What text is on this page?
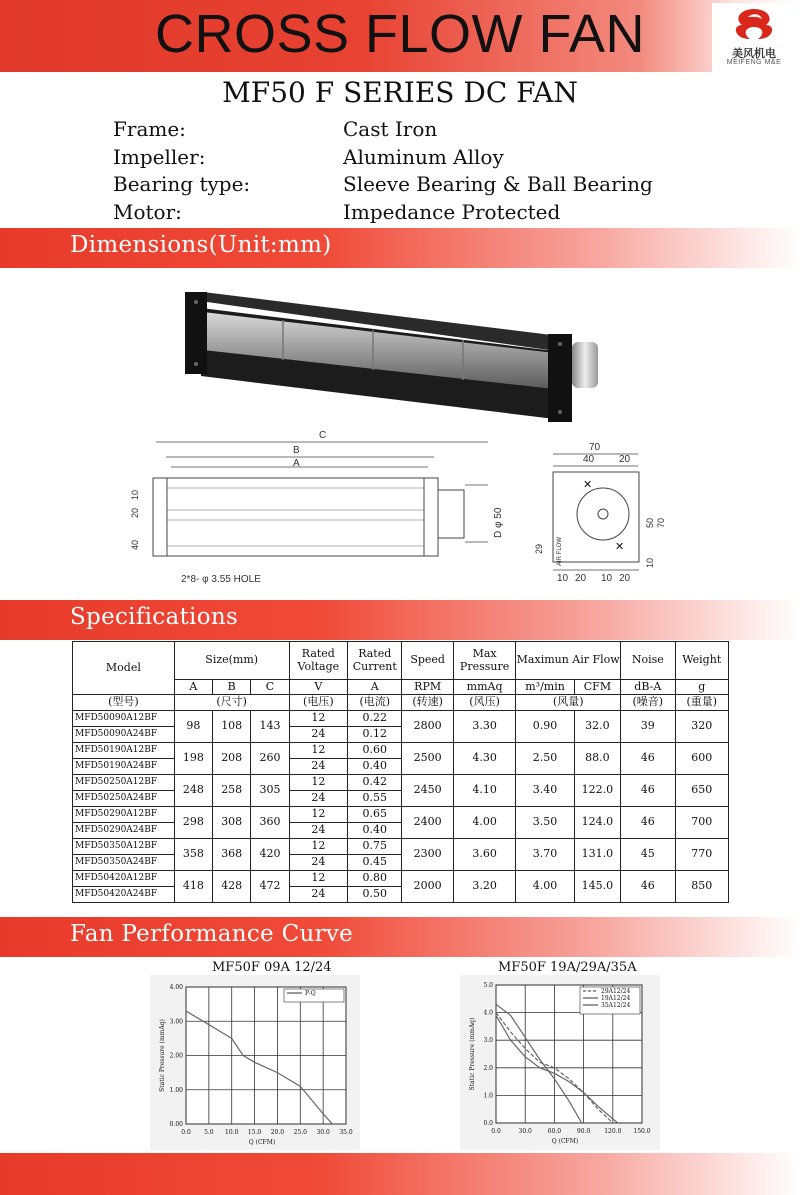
CROSS FLOW FAN	美风机电
MEIFENG M&E
MF50 F SERIES DC FAN
Frame:	Cast Iron
Impeller:	Aluminum Alloy
Bearing type:	Sleeve Bearing & Ball Bearing
Motor:	Impedance Protected
Dimensions(Unit:mm)
C
B
A
10
20
40
D φ 50
2*8- φ 3.55 HOLE
70
40 20
✕
✕
50 70
29
10
AIR FLOW
10 20 10 20
Specifications
Model	Size(mm)			Rated Voltage	Rated Current	Speed	Max Pressure	Maximun Air Flow		Noise	Weight
	A	B	C	V	A	RPM	mmAq	m³/min	CFM	dB-A	g
(型号)	(尺寸)			(电压)	(电流)	(转速)	(风压)	(风量)		(噪音)	(重量)
MFD50090A12BF	98	108	143	12	0.22	2800	3.30	0.90	32.0	39	320
MFD50090A24BF				24	0.12						
MFD50190A12BF	198	208	260	12	0.60	2500	4.30	2.50	88.0	46	600
MFD50190A24BF				24	0.40						
MFD50250A12BF	248	258	305	12	0.42	2450	4.10	3.40	122.0	46	650
MFD50250A24BF				24	0.55						
MFD50290A12BF	298	308	360	12	0.65	2400	4.00	3.50	124.0	46	700
MFD50290A24BF				24	0.40						
MFD50350A12BF	358	368	420	12	0.75	2300	3.60	3.70	131.0	45	770
MFD50350A24BF				24	0.45						
MFD50420A12BF	418	428	472	12	0.80	2000	3.20	4.00	145.0	46	850
MFD50420A24BF				24	0.50						
Fan Performance Curve
MF50F 09A 12/24	MF50F 19A/29A/35A
0.0 5.0 10.0 15.0 20.0 25.0 30.0 35.0
0.00
1.00
2.00
3.00
4.00
Q (CFM)
Static Pressure (mmAq)
P-Q
0.0	30.0	60.0	90.0 120.0 150.0
0.0
1.0
2.0
3.0
4.0
5.0
Q (CFM)
Static Pressure (mmAq)
29A12/24
19A12/24
35A12/24
